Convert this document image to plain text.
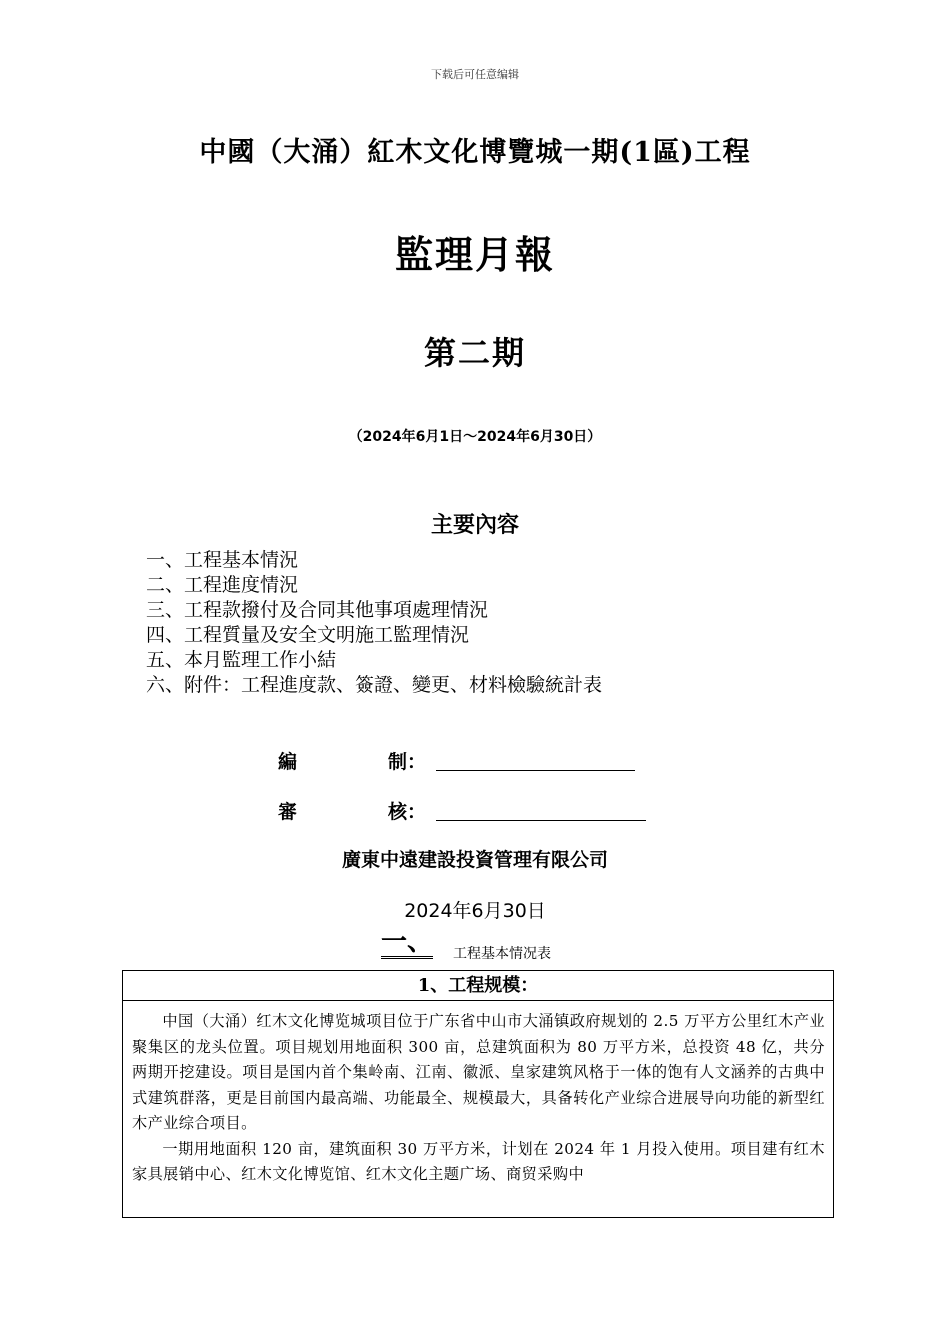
下载后可任意编辑
中國（大涌）紅木文化博覽城一期(1區)工程
監理月報
第二期
（2024年6月1日～2024年6月30日）
主要內容
一、工程基本情況
二、工程進度情況
三、工程款撥付及合同其他事項處理情況
四、工程質量及安全文明施工監理情況
五、本月監理工作小結
六、附件：工程進度款、簽證、變更、材料檢驗統計表
編	制：
審	核：
廣東中遠建設投資管理有限公司
2024年6月30日
一、 工程基本情况表
1、工程规模：

中国（大涌）红木文化博览城项目位于广东省中山市大涌镇政府规划的 2.5 万平方公里红木产业聚集区的龙头位置。项目规划用地面积 300 亩，总建筑面积为 80 万平方米，总投资 48 亿，共分两期开挖建设。项目是国内首个集岭南、江南、徽派、皇家建筑风格于一体的饱有人文涵养的古典中式建筑群落，更是目前国内最高端、功能最全、规模最大，具备转化产业综合进展导向功能的新型红木产业综合项目。

一期用地面积 120 亩，建筑面积 30 万平方米，计划在 2024 年 1 月投入使用。项目建有红木家具展销中心、红木文化博览馆、红木文化主题广场、商贸采购中
